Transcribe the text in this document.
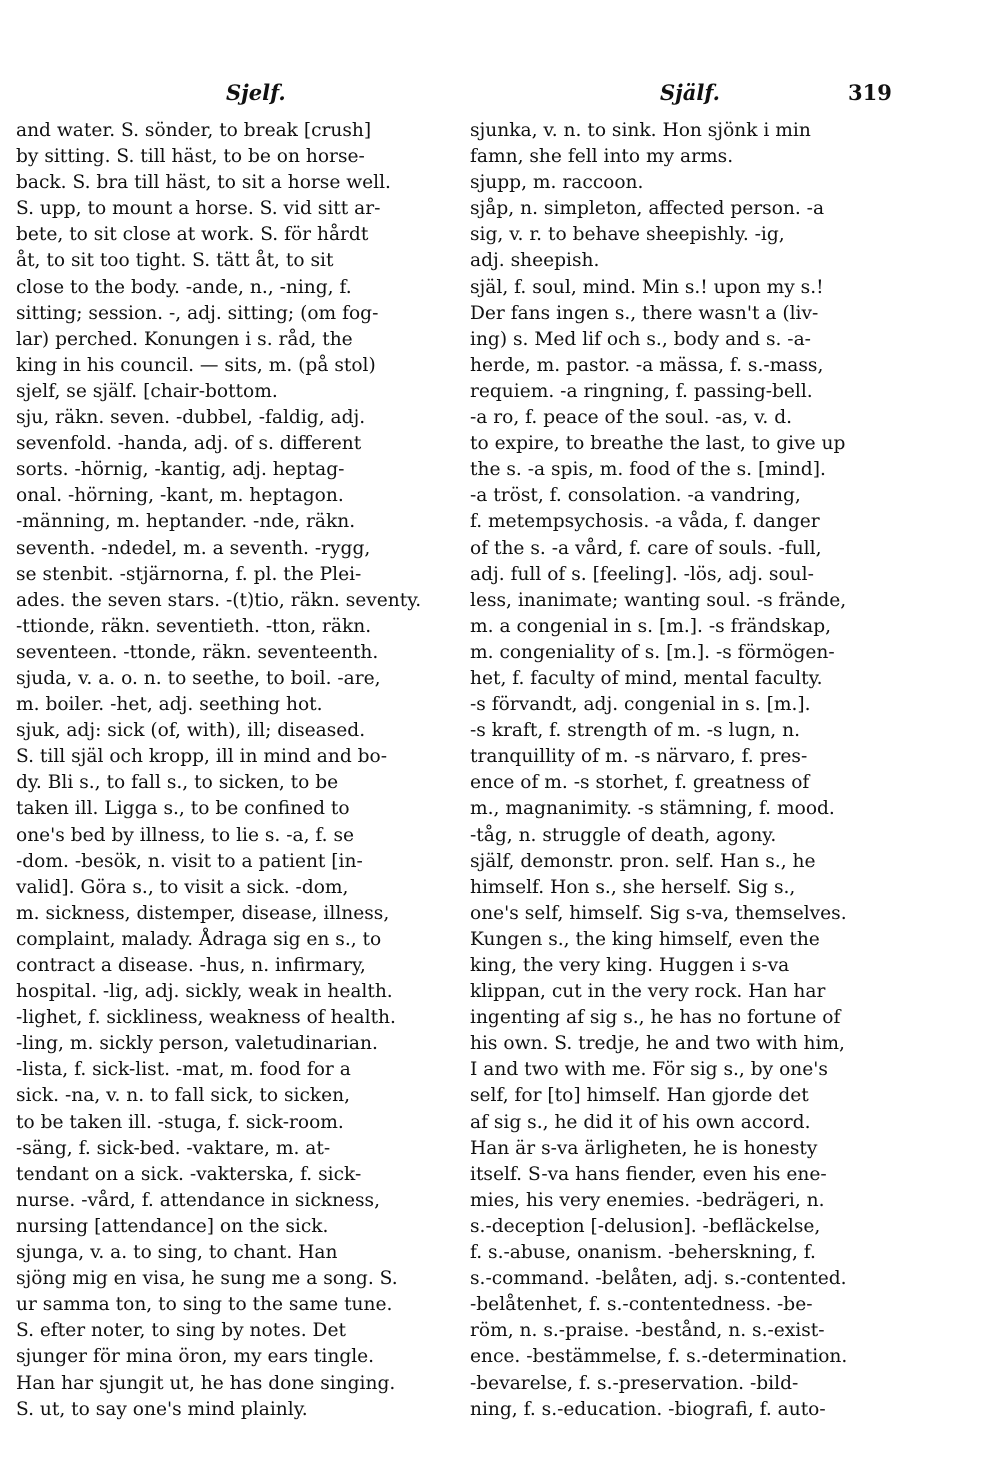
Sjelf.	Själf.	319
and water. S. sönder, to break [crush]
by sitting. S. till häst, to be on horse-
back. S. bra till häst, to sit a horse well.
S. upp, to mount a horse. S. vid sitt ar-
bete, to sit close at work. S. för hårdt
åt, to sit too tight. S. tätt åt, to sit
close to the body. -ande, n., -ning, f.
sitting; session. -, adj. sitting; (om fog-
lar) perched. Konungen i s. råd, the
king in his council. — sits, m. (på stol)
sjelf, se själf. [chair-bottom.
sju, räkn. seven. -dubbel, -faldig, adj.
sevenfold. -handa, adj. of s. different
sorts. -hörnig, -kantig, adj. heptag-
onal. -hörning, -kant, m. heptagon.
-männing, m. heptander. -nde, räkn.
seventh. -ndedel, m. a seventh. -rygg,
se stenbit. -stjärnorna, f. pl. the Plei-
ades. the seven stars. -(t)tio, räkn. seventy.
-ttionde, räkn. seventieth. -tton, räkn.
seventeen. -ttonde, räkn. seventeenth.
sjuda, v. a. o. n. to seethe, to boil. -are,
m. boiler. -het, adj. seething hot.
sjuk, adj: sick (of, with), ill; diseased.
S. till själ och kropp, ill in mind and bo-
dy. Bli s., to fall s., to sicken, to be
taken ill. Ligga s., to be confined to
one's bed by illness, to lie s. -a, f. se
-dom. -besök, n. visit to a patient [in-
valid]. Göra s., to visit a sick. -dom,
m. sickness, distemper, disease, illness,
complaint, malady. Ådraga sig en s., to
contract a disease. -hus, n. infirmary,
hospital. -lig, adj. sickly, weak in health.
-lighet, f. sickliness, weakness of health.
-ling, m. sickly person, valetudinarian.
-lista, f. sick-list. -mat, m. food for a
sick. -na, v. n. to fall sick, to sicken,
to be taken ill. -stuga, f. sick-room.
-säng, f. sick-bed. -vaktare, m. at-
tendant on a sick. -vakterska, f. sick-
nurse. -vård, f. attendance in sickness,
nursing [attendance] on the sick.
sjunga, v. a. to sing, to chant. Han
sjöng mig en visa, he sung me a song. S.
ur samma ton, to sing to the same tune.
S. efter noter, to sing by notes. Det
sjunger för mina öron, my ears tingle.
Han har sjungit ut, he has done singing.
S. ut, to say one's mind plainly.
sjunka, v. n. to sink. Hon sjönk i min
famn, she fell into my arms.
sjupp, m. raccoon.
sjåp, n. simpleton, affected person. -a
sig, v. r. to behave sheepishly. -ig,
adj. sheepish.
själ, f. soul, mind. Min s.! upon my s.!
Der fans ingen s., there wasn't a (liv-
ing) s. Med lif och s., body and s. -a-
herde, m. pastor. -a mässa, f. s.-mass,
requiem. -a ringning, f. passing-bell.
-a ro, f. peace of the soul. -as, v. d.
to expire, to breathe the last, to give up
the s. -a spis, m. food of the s. [mind].
-a tröst, f. consolation. -a vandring,
f. metempsychosis. -a våda, f. danger
of the s. -a vård, f. care of souls. -full,
adj. full of s. [feeling]. -lös, adj. soul-
less, inanimate; wanting soul. -s frände,
m. a congenial in s. [m.]. -s frändskap,
m. congeniality of s. [m.]. -s förmögen-
het, f. faculty of mind, mental faculty.
-s förvandt, adj. congenial in s. [m.].
-s kraft, f. strength of m. -s lugn, n.
tranquillity of m. -s närvaro, f. pres-
ence of m. -s storhet, f. greatness of
m., magnanimity. -s stämning, f. mood.
-tåg, n. struggle of death, agony.
själf, demonstr. pron. self. Han s., he
himself. Hon s., she herself. Sig s.,
one's self, himself. Sig s-va, themselves.
Kungen s., the king himself, even the
king, the very king. Huggen i s-va
klippan, cut in the very rock. Han har
ingenting af sig s., he has no fortune of
his own. S. tredje, he and two with him,
I and two with me. För sig s., by one's
self, for [to] himself. Han gjorde det
af sig s., he did it of his own accord.
Han är s-va ärligheten, he is honesty
itself. S-va hans fiender, even his ene-
mies, his very enemies. -bedrägeri, n.
s.-deception [-delusion]. -befläckelse,
f. s.-abuse, onanism. -beherskning, f.
s.-command. -belåten, adj. s.-contented.
-belåtenhet, f. s.-contentedness. -be-
röm, n. s.-praise. -bestånd, n. s.-exist-
ence. -bestämmelse, f. s.-determination.
-bevarelse, f. s.-preservation. -bild-
ning, f. s.-education. -biografi, f. auto-
